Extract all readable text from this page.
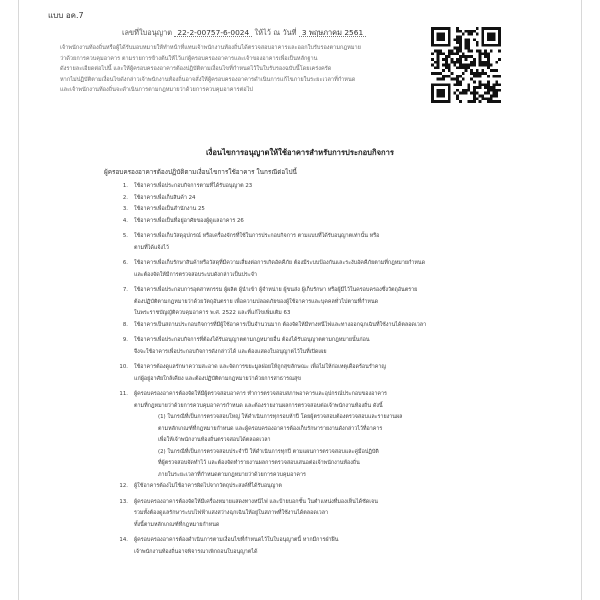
แบบ อค.7
เลขที่ใบอนุญาต 22-2-00757-6-0024 ให้ไว้ ณ วันที่ 3 พฤษภาคม 2561

เจ้าพนักงานท้องถิ่นหรือผู้ได้รับมอบหมายให้ทำหน้าที่แทนเจ้าพนักงานท้องถิ่นได้ตรวจสอบอาคารและออกใบรับรองตามกฎหมาย

ว่าด้วยการควบคุมอาคาร ตามรายการข้างต้นให้ไว้แก่ผู้ครอบครองอาคารและเจ้าของอาคารเพื่อเป็นหลักฐาน

ดังรายละเอียดต่อไปนี้ และให้ผู้ครอบครองอาคารต้องปฏิบัติตามเงื่อนไขที่กำหนดไว้ในใบรับรองฉบับนี้โดยเคร่งครัด

หากไม่ปฏิบัติตามเงื่อนไขดังกล่าวเจ้าพนักงานท้องถิ่นอาจสั่งให้ผู้ครอบครองอาคารดำเนินการแก้ไขภายในระยะเวลาที่กำหนด

และเจ้าพนักงานท้องถิ่นจะดำเนินการตามกฎหมายว่าด้วยการควบคุมอาคารต่อไป

เงื่อนไขการอนุญาตให้ใช้อาคารสำหรับการประกอบกิจการ
ผู้ครอบครองอาคารต้องปฏิบัติตามเงื่อนไขการใช้อาคาร ในกรณีต่อไปนี้
1. ใช้อาคารเพื่อประกอบกิจการตามที่ได้รับอนุญาต 23
2. ใช้อาคารเพื่อเก็บสินค้า 24
3. ใช้อาคารเพื่อเป็นสำนักงาน 25
4. ใช้อาคารเพื่อเป็นที่อยู่อาศัยของผู้ดูแลอาคาร 26
5. ใช้อาคารเพื่อเก็บวัสดุอุปกรณ์ หรือเครื่องจักรที่ใช้ในการประกอบกิจการ ตามแบบที่ได้รับอนุญาตเท่านั้น หรือ
ตามที่ได้แจ้งไว้
6. ใช้อาคารเพื่อเก็บรักษาสินค้าหรือวัสดุที่มีความเสี่ยงต่อการเกิดอัคคีภัย ต้องมีระบบป้องกันและระงับอัคคีภัยตามที่กฎหมายกำหนด
และต้องจัดให้มีการตรวจสอบระบบดังกล่าวเป็นประจำ
7. ใช้อาคารเพื่อประกอบการอุตสาหกรรม ผู้ผลิต ผู้นำเข้า ผู้จำหน่าย ผู้ขนส่ง ผู้เก็บรักษา หรือผู้มีไว้ในครอบครองซึ่งวัตถุอันตราย
ต้องปฏิบัติตามกฎหมายว่าด้วยวัตถุอันตราย เพื่อความปลอดภัยของผู้ใช้อาคารและบุคคลทั่วไปตามที่กำหนด
ในพระราชบัญญัติควบคุมอาคาร พ.ศ. 2522 และที่แก้ไขเพิ่มเติม 63
8. ใช้อาคารเป็นสถานประกอบกิจการที่มีผู้ใช้อาคารเป็นจำนวนมาก ต้องจัดให้มีทางหนีไฟและทางออกฉุกเฉินที่ใช้งานได้ตลอดเวลา
9. ใช้อาคารเพื่อประกอบกิจการที่ต้องได้รับอนุญาตตามกฎหมายอื่น ต้องได้รับอนุญาตตามกฎหมายนั้นก่อน
จึงจะใช้อาคารเพื่อประกอบกิจการดังกล่าวได้ และต้องแสดงใบอนุญาตไว้ในที่เปิดเผย
10. ใช้อาคารต้องดูแลรักษาความสะอาด และจัดการขยะมูลฝอยให้ถูกสุขลักษณะ เพื่อไม่ให้ก่อเหตุเดือดร้อนรำคาญ
แก่ผู้อยู่อาศัยใกล้เคียง และต้องปฏิบัติตามกฎหมายว่าด้วยการสาธารณสุข
11. ผู้ครอบครองอาคารต้องจัดให้มีผู้ตรวจสอบอาคาร ทำการตรวจสอบสภาพอาคารและอุปกรณ์ประกอบของอาคาร
ตามที่กฎหมายว่าด้วยการควบคุมอาคารกำหนด และต้องรายงานผลการตรวจสอบต่อเจ้าพนักงานท้องถิ่น ดังนี้
(1) ในกรณีที่เป็นการตรวจสอบใหญ่ ให้ดำเนินการทุกรอบห้าปี โดยผู้ตรวจสอบต้องตรวจสอบและรายงานผล
ตามหลักเกณฑ์ที่กฎหมายกำหนด และผู้ครอบครองอาคารต้องเก็บรักษารายงานดังกล่าวไว้ที่อาคาร
เพื่อให้เจ้าพนักงานท้องถิ่นตรวจสอบได้ตลอดเวลา
(2) ในกรณีที่เป็นการตรวจสอบประจำปี ให้ดำเนินการทุกปี ตามแผนการตรวจสอบและคู่มือปฏิบัติ
ที่ผู้ตรวจสอบจัดทำไว้ และต้องจัดทำรายงานผลการตรวจสอบเสนอต่อเจ้าพนักงานท้องถิ่น
ภายในระยะเวลาที่กำหนดตามกฎหมายว่าด้วยการควบคุมอาคาร
12. ผู้ใช้อาคารต้องไม่ใช้อาคารผิดไปจากวัตถุประสงค์ที่ได้รับอนุญาต
13. ผู้ครอบครองอาคารต้องจัดให้มีเครื่องหมายแสดงทางหนีไฟ และป้ายบอกชั้น ในตำแหน่งที่มองเห็นได้ชัดเจน
รวมทั้งต้องดูแลรักษาระบบไฟฟ้าแสงสว่างฉุกเฉินให้อยู่ในสภาพที่ใช้งานได้ตลอดเวลา
ทั้งนี้ตามหลักเกณฑ์ที่กฎหมายกำหนด
14. ผู้ครอบครองอาคารต้องดำเนินการตามเงื่อนไขที่กำหนดไว้ในใบอนุญาตนี้ หากมีการฝ่าฝืน
เจ้าพนักงานท้องถิ่นอาจพิจารณาเพิกถอนใบอนุญาตได้
